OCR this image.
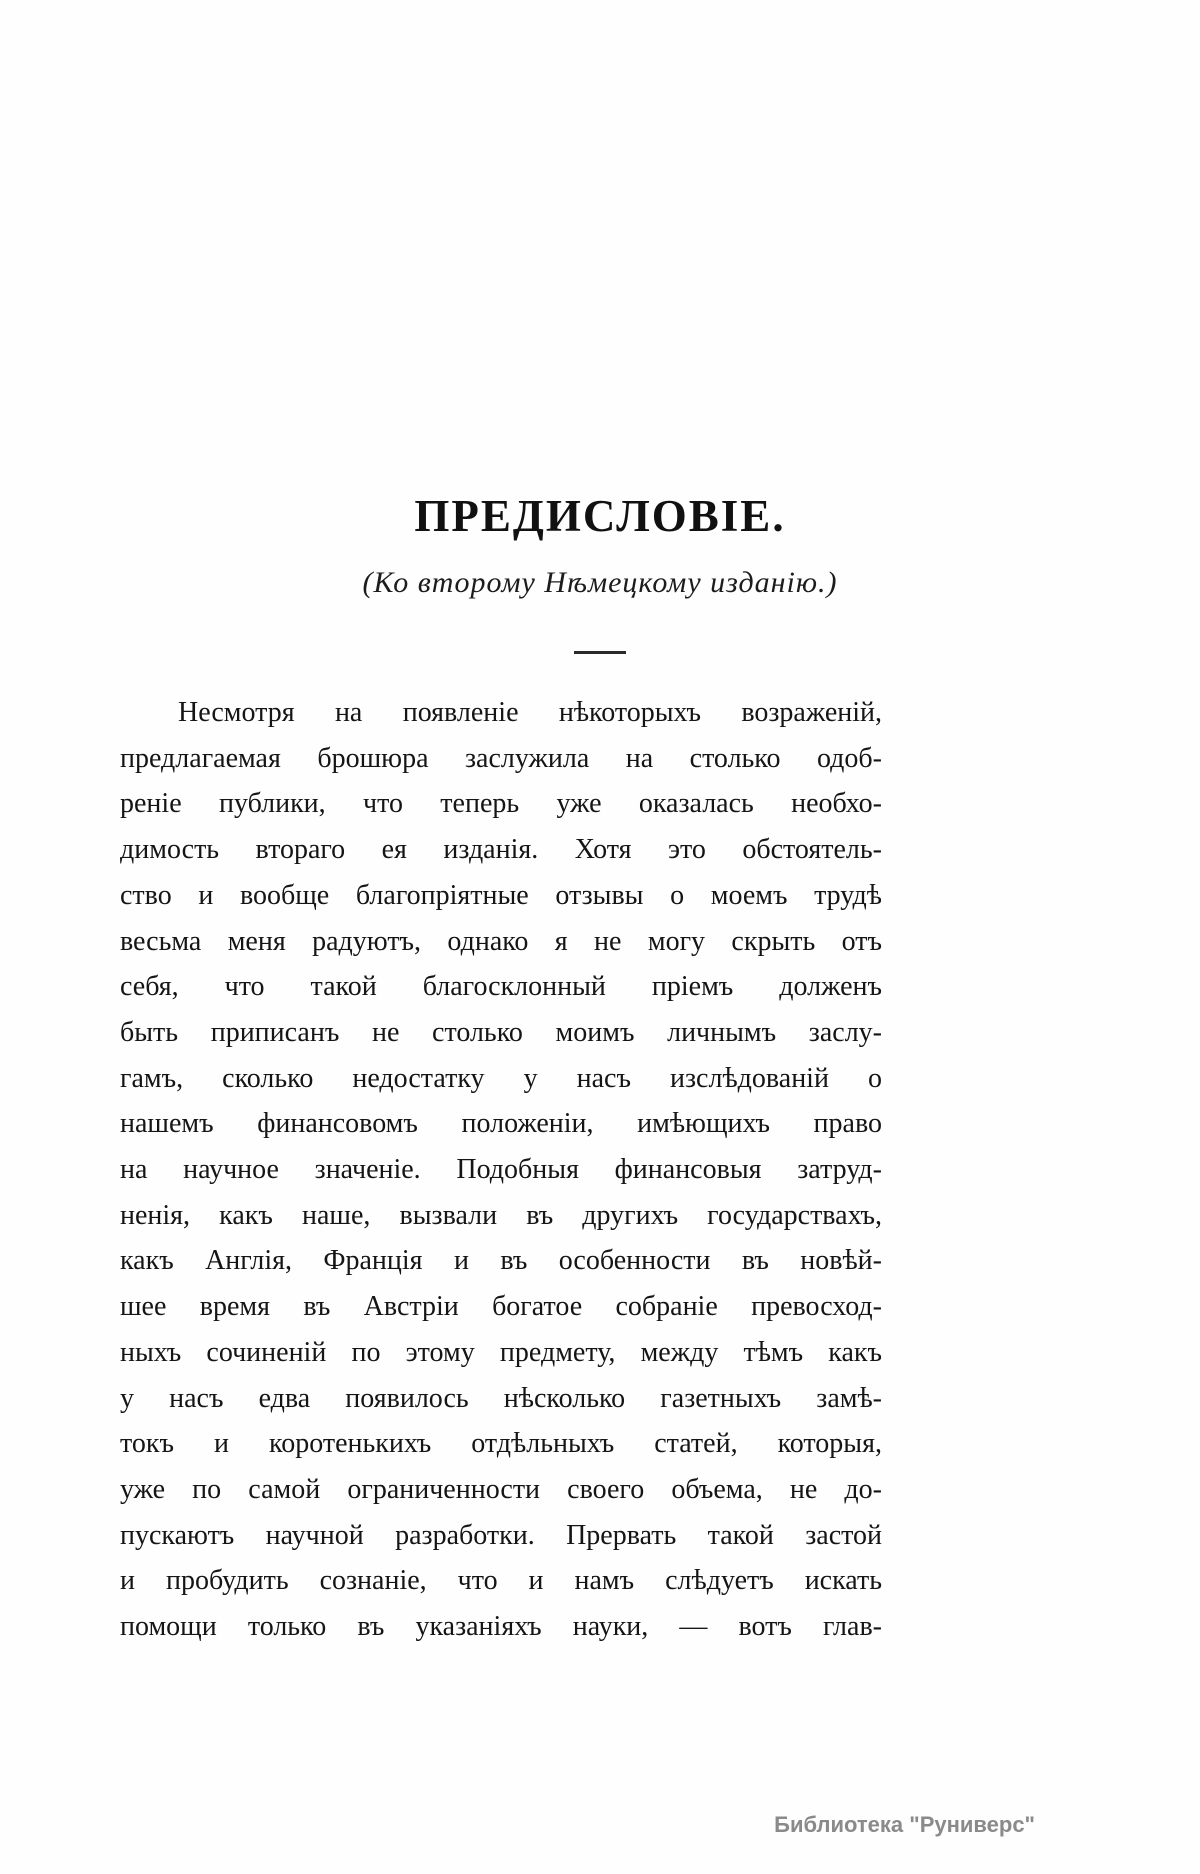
ПРЕДИСЛОВІЕ.
(Ко второму Нѣмецкому изданію.)
Несмотря на появленіе нѣкоторыхъ возраженій,
предлагаемая брошюра заслужила на столько одоб-
реніе публики, что теперь уже оказалась необхо-
димость втораго ея изданія. Хотя это обстоятель-
ство и вообще благопріятные отзывы о моемъ трудѣ
весьма меня радуютъ, однако я не могу скрыть отъ
себя, что такой благосклонный пріемъ долженъ
быть приписанъ не столько моимъ личнымъ заслу-
гамъ, сколько недостатку у насъ изслѣдованій о
нашемъ финансовомъ положеніи, имѣющихъ право
на научное значеніе. Подобныя финансовыя затруд-
ненія, какъ наше, вызвали въ другихъ государствахъ,
какъ Англія, Франція и въ особенности въ новѣй-
шее время въ Австріи богатое собраніе превосход-
ныхъ сочиненій по этому предмету, между тѣмъ какъ
у насъ едва появилось нѣсколько газетныхъ замѣ-
токъ и коротенькихъ отдѣльныхъ статей, которыя,
уже по самой ограниченности своего объема, не до-
пускаютъ научной разработки. Прервать такой застой
и пробудить сознаніе, что и намъ слѣдуетъ искать
помощи только въ указаніяхъ науки, — вотъ глав-
Библиотека "Руниверс"
